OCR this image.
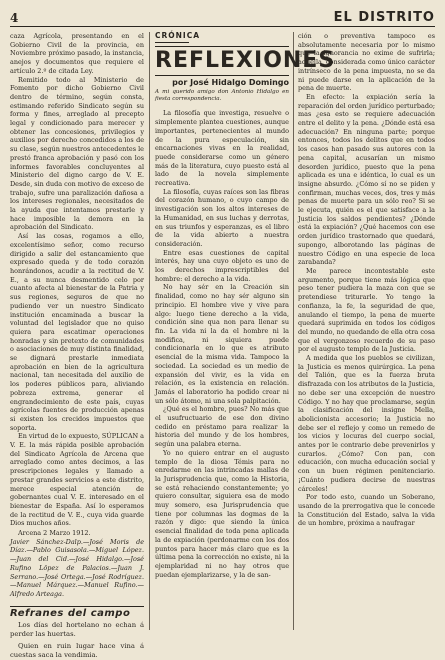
4	EL DISTRITO

caza Agrícola, presentando en el Gobierno Civil de la provincia, en Noviembre próximo pasado, la instancia, anejos y documentos que requiere el artículo 2.º de citada Ley.

Remitido todo al Ministerio de Fomento por dicho Gobierno Civil dentro de término, según consta, estimando referido Sindicato según su forma y fines, arreglado al precepto legal y condicionado para merecer y obtener las concesiones, privilegios y auxilios por derecho concedidos a los de su clase, según nuestros antecedentes le prestó franca aprobación y pasó con los informes favorables concluyentes al Ministerio del digno cargo de V. E. Desde, sin duda con motivo de exceso de trabajo, sufre una paralización dañosa a los intereses regionales, necesitados de la ayuda que intentamos prestarle y hace imposible la demora en la aprobación del Sindicato.

Así las cosas, rogamos a ello, excelentísimo señor, como recurso dirigido a salir del estancamiento que expresado queda y de todo corazón honrándonos, acudir a la rectitud de V. E., a su nunca desmentido celo por cuanto afecta al bienestar de la Patria y sus regiones, seguros de que no pudiendo ver un nuestro Sindicato institución encaminada a buscar la voluntad del legislador que no quiso quiera para escatimar operaciones honradas y sin pretexto de comunidades o asociaciones de muy distinta finalidad, se dignará prestarle inmediata aprobación en bien de la agricultura nacional, tan necesitada del auxilio de los poderes públicos para, aliviando pobreza extrema, generar el engrandecimiento de este país, cuyas agrícolas fuentes de producción apenas si existen los crecidos impuestos que soporta.

En virtud de lo expuesto, SÚPLICAN a V. E. la más rápida posible aprobación del Sindicato Agrícola de Arcena que arreglado como antes decimos, a las prescripciones legales y llamado a prestar grandes servicios a este distrito, merece especial atención de gobernantes cual V. E. interesado en el bienestar de España. Así lo esperamos de la rectitud de V. E., cuya vida guarde Dios muchos años.

Arcena 2 Marzo 1912.

Javier Sánchez-Dalp.—José Moris de Díaz.—Pablo Guisasola.—Miguel López.—Juan del Cid.—José Hidalgo.—José Rufino Löpez de Palacios.—Juan J. Serrano.—José Ortega.—José Rodríguez.—Manuel Márquez.—Manuel Rufino.—Alfredo Arteaga.

Refranes del campo
Los días del hortelano no echan á perder las huertas.
Quien en ruin lugar hace vina á cuestas saca la vendimia.
CRÓNICA
REFLEXIONES
por José Hidalgo Domingo
A mi querido amigo don Antonio Hidalgo en fiesta correspondencia.

La filosofía que investiga, resuelve o simplemente plantea cuestiones, aunque importantes, pertenecientes al mundo de la pura especulación, sin encarnaciones vivas en la realidad, puede considerarse como un género más de la literatura, cuyo puesto está al lado de la novela simplemente recreativa.

La filosofía, cuyas raíces son las fibras del corazón humano, o cuyo campo de investigación son los altos intereses de la Humanidad, en sus luchas y derrotas, en sus triunfos y esperanzas, es el libro de la vida abierto a nuestra consideración.

Entre esas cuestiones de capital interés, hay una cuyo objeto es uno de los derechos imprescriptibles del hombre: el derecho a la vida.

No hay sér en la Creación sin finalidad, como no hay sér alguno sin principio. El hombre vive y vive para algo: luego tiene derecho a la vida, condición sine qua non para llenar su fin. La vida ni la da el hombre ni la modifica, ni siquiera puede condicionarla en lo que es atributo esencial de la misma vida. Tampoco la sociedad. La sociedad es un medio de expansión del vivir, es la vida en relación, es la existencia en relación. Jamás el laboratorio ha podido crear ni un sólo átomo, ni una sola palpitación.

¿Qué es el hombre, pues? No más que el usufructuario de ese don divino cedido en préstamo para realizar la historia del mundo y de los hombres, según una palabra eterna.

Yo no quiero entrar en el augusto templo de la diosa Témis para no enredarme en las intrincadas mallas de la Jurisprudencia que, como la Historia, se está rehaciendo constantemente; yo quiero consultar, siguiera esa de modo muy somero, esa Jurisprudencia que tiene por columnas las dogmas de la razón y digo: que siendo la única esencial finalidad de toda pena aplicada la de expiación (perdonarme con los dos puntos para hacer más claro que es la última pena la corrección no existe, ni la ejemplaridad ni no hay otros que puedan ejemplarizarse, y la de san-

ción o preventiva tampoco es absolutamente necesaria por lo mismo que la ignorancia no exime de sufrirla; aquélla, considerada como único carácter intrínseco de la pena impuesta, no se da ni puede darse en la aplicación de la pena de muerte.

En efecto: la expiación sería la reparación del orden jurídico perturbado; mas ¿esa esto se requiere adecuación entre el delito y la pena. ¿Dónde está esa adecuación? En ninguna parte; porque entonces, todos los delitos que en todos los casos han pasado sus autores con la pena capital, acusarían un mismo desorden jurídico, puesto que la pena aplicada es una e idéntica, lo cual es un insigne absurdo. ¿Cómo sí no se piden y confirman, muchas veces, dos, tres y más penas de muerte para un sólo reo? Si se le ejecuta, quién es el que satisface a la Justicia los saldos pendientes? ¿Dónde está la expiación? ¿Qué hacemos con ese orden jurídico trastornado que quedará, supongo, alborotando las páginas de nuestro Código en una especie de loca zarabanda?

Me parece incontestable este argumento, porque tiene más lógica que peso tener pudiera la maza con que se pretendiese triturarle. Yo tengo la confianza, la fe, la seguridad de que, anulando el tiempo, la pena de muerte quedará suprimida en todos los códigos del mundo, no quedando de ella otra cosa que el vergonzoso recuerdo de su paso por el augusto templo de la Justicia.

A medida que los pueblos se civilizan, la Justicia es menos quirúrgica. La pena del Talión, que es la fuerza bruta disfrazada con los atributos de la Justicia, no debe ser una excepción de nuestro Código. Y no hay que proclamarse, según la clasificación del insigne Mella, abolicionista accesorio; la Justicia no debe ser el reflejo y como un remedo de los vicios y locuras del cuerpo social, antes por le contrario debe prevenirlos y curarlos. ¿Cómo? Con pan, con educación, con mucha educación social y con un buen régimen penitenciario. ¡Cuánto pudiera decirse de nuestras cárceles!

Por todo esto, cuando un Soberano, usando de la prerrogativa que le concede la Constitución del Estado, salva la vida de un hombre, próxima a naufragar
